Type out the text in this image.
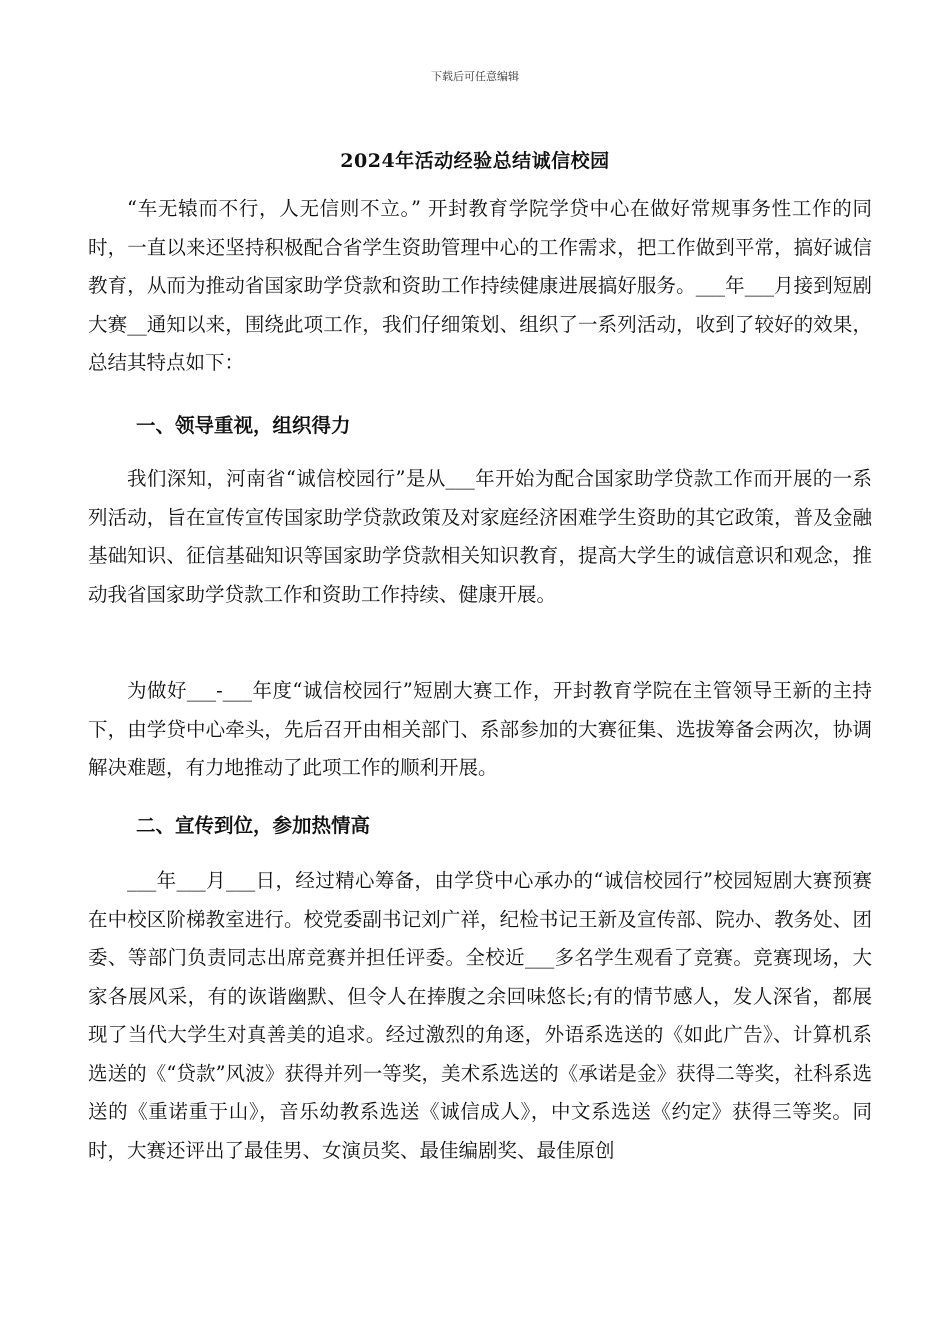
下载后可任意编辑
2024年活动经验总结诚信校园

“车无辕而不行，人无信则不立。” 开封教育学院学贷中心在做好常规事务性工作的同时，一直以来还坚持积极配合省学生资助管理中心的工作需求，把工作做到平常，搞好诚信教育，从而为推动省国家助学贷款和资助工作持续健康进展搞好服务。___年___月接到短剧大赛__通知以来，围绕此项工作，我们仔细策划、组织了一系列活动，收到了较好的效果，总结其特点如下：

一、领导重视，组织得力

我们深知，河南省“诚信校园行”是从___年开始为配合国家助学贷款工作而开展的一系列活动，旨在宣传宣传国家助学贷款政策及对家庭经济困难学生资助的其它政策，普及金融基础知识、征信基础知识等国家助学贷款相关知识教育，提高大学生的诚信意识和观念，推动我省国家助学贷款工作和资助工作持续、健康开展。

为做好___-___年度“诚信校园行”短剧大赛工作，开封教育学院在主管领导王新的主持下，由学贷中心牵头，先后召开由相关部门、系部参加的大赛征集、选拔筹备会两次，协调解决难题，有力地推动了此项工作的顺利开展。

二、宣传到位，参加热情高

___年___月___日，经过精心筹备，由学贷中心承办的“诚信校园行”校园短剧大赛预赛在中校区阶梯教室进行。校党委副书记刘广祥，纪检书记王新及宣传部、院办、教务处、团委、等部门负责同志出席竞赛并担任评委。全校近___多名学生观看了竞赛。竞赛现场，大家各展风采，有的诙谐幽默、但令人在捧腹之余回味悠长;有的情节感人，发人深省，都展现了当代大学生对真善美的追求。经过激烈的角逐，外语系选送的《如此广告》、计算机系选送的《“贷款”风波》获得并列一等奖，美术系选送的《承诺是金》获得二等奖，社科系选送的《重诺重于山》，音乐幼教系选送《诚信成人》，中文系选送《约定》获得三等奖。同时，大赛还评出了最佳男、女演员奖、最佳编剧奖、最佳原创
